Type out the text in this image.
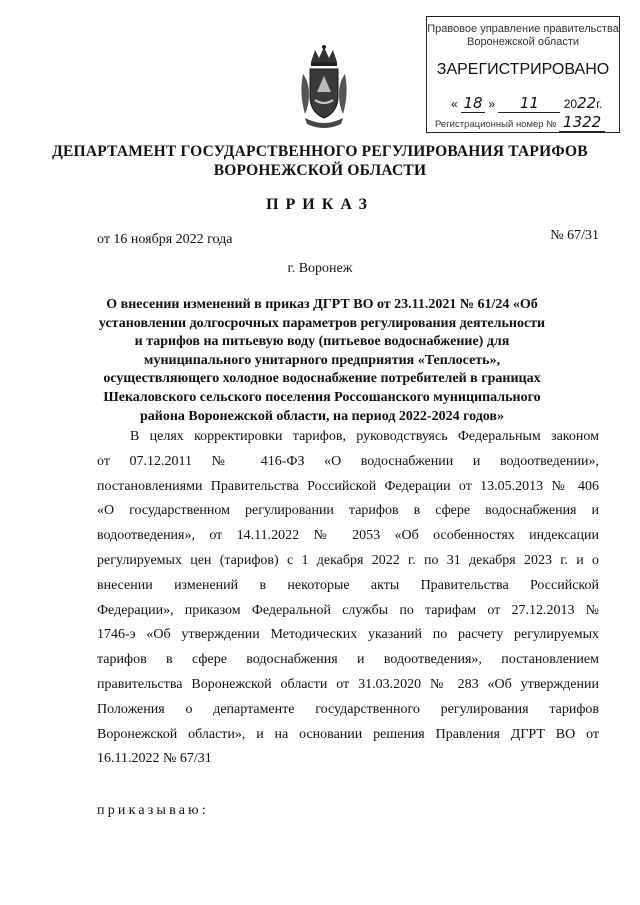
Правовое управление правительства
Воронежской области
ЗАРЕГИСТРИРОВАНО
« 18 » 11 2022г.
Регистрационный номер № 1322
ДЕПАРТАМЕНТ ГОСУДАРСТВЕННОГО РЕГУЛИРОВАНИЯ ТАРИФОВ ВОРОНЕЖСКОЙ ОБЛАСТИ
ПРИКАЗ
от 16 ноября 2022 года	№ 67/31
г. Воронеж
О внесении изменений в приказ ДГРТ ВО от 23.11.2021 № 61/24 «Об установлении долгосрочных параметров регулирования деятельности и тарифов на питьевую воду (питьевое водоснабжение) для муниципального унитарного предприятия «Теплосеть», осуществляющего холодное водоснабжение потребителей в границах Шекаловского сельского поселения Россошанского муниципального района Воронежской области, на период 2022-2024 годов»
В целях корректировки тарифов, руководствуясь Федеральным законом
от 07.12.2011 № 416-ФЗ «О водоснабжении и водоотведении»,
постановлениями Правительства Российской Федерации от 13.05.2013 № 406
«О государственном регулировании тарифов в сфере водоснабжения и
водоотведения», от 14.11.2022 № 2053 «Об особенностях индексации
регулируемых цен (тарифов) с 1 декабря 2022 г. по 31 декабря 2023 г. и о
внесении изменений в некоторые акты Правительства Российской
Федерации», приказом Федеральной службы по тарифам от 27.12.2013 №
1746-э «Об утверждении Методических указаний по расчету регулируемых
тарифов в сфере водоснабжения и водоотведения», постановлением
правительства Воронежской области от 31.03.2020 № 283 «Об утверждении
Положения о департаменте государственного регулирования тарифов
Воронежской области», и на основании решения Правления ДГРТ ВО от
16.11.2022 № 67/31
приказываю:
